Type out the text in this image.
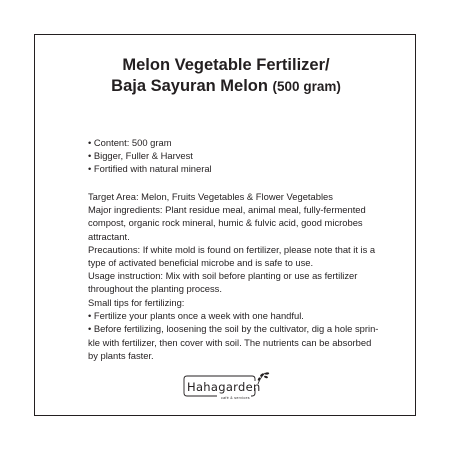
Melon Vegetable Fertilizer/
Baja Sayuran Melon (500 gram)
• Content: 500 gram
• Bigger, Fuller & Harvest
• Fortified with natural mineral
Target Area: Melon, Fruits Vegetables & Flower Vegetables
Major ingredients: Plant residue meal, animal meal, fully-fermented
compost, organic rock mineral, humic & fulvic acid, good microbes
attractant.
Precautions: If white mold is found on fertilizer, please note that it is a
type of activated beneficial microbe and is safe to use.
Usage instruction: Mix with soil before planting or use as fertilizer
throughout the planting process.
Small tips for fertilizing:
• Fertilize your plants once a week with one handful.
• Before fertilizing, loosening the soil by the cultivator, dig a hole sprin-
kle with fertilizer, then cover with soil. The nutrients can be absorbed
by plants faster.
Hahagarden
café & services
